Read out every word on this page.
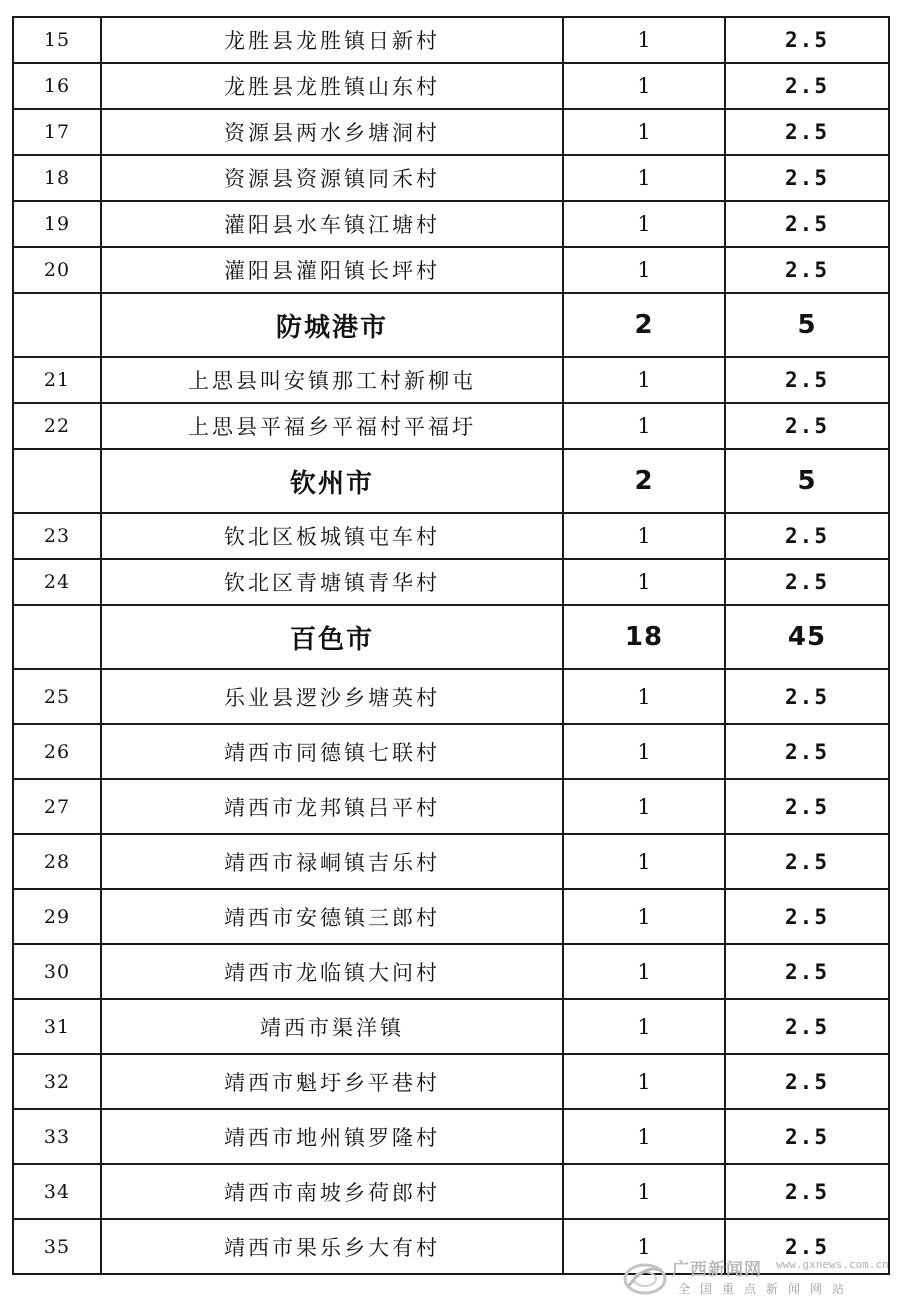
15	龙胜县龙胜镇日新村	1	2.5
16	龙胜县龙胜镇山东村	1	2.5
17	资源县两水乡塘洞村	1	2.5
18	资源县资源镇同禾村	1	2.5
19	灌阳县水车镇江塘村	1	2.5
20	灌阳县灌阳镇长坪村	1	2.5
	防城港市	2	5
21	上思县叫安镇那工村新柳屯	1	2.5
22	上思县平福乡平福村平福圩	1	2.5
	钦州市	2	5
23	钦北区板城镇屯车村	1	2.5
24	钦北区青塘镇青华村	1	2.5
	百色市	18	45
25	乐业县逻沙乡塘英村	1	2.5
26	靖西市同德镇七联村	1	2.5
27	靖西市龙邦镇吕平村	1	2.5
28	靖西市禄峒镇吉乐村	1	2.5
29	靖西市安德镇三郎村	1	2.5
30	靖西市龙临镇大问村	1	2.5
31	靖西市渠洋镇	1	2.5
32	靖西市魁圩乡平巷村	1	2.5
33	靖西市地州镇罗隆村	1	2.5
34	靖西市南坡乡荷郎村	1	2.5
35	靖西市果乐乡大有村	1	2.5
广西新闻网 www.gxnews.com.cn
全国重点新闻网站
